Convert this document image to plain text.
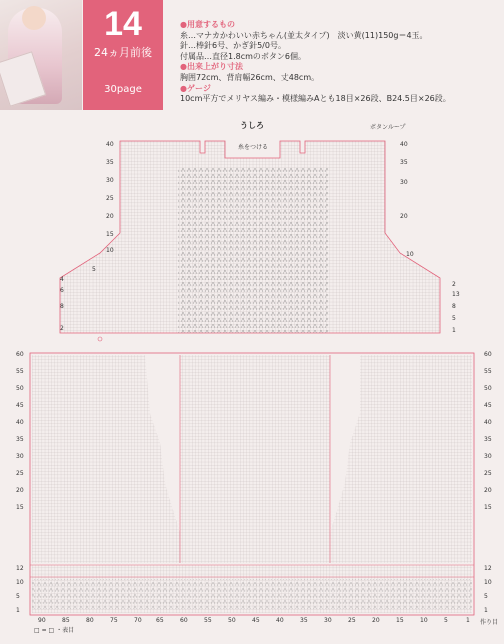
14
24ヵ月前後
30page
●用意するもの
糸…マナカかわいい赤ちゃん(並太タイプ)　淡い黄(11)150g＝4玉。
針…棒針6号、かぎ針5/0号。
付属品…直径1.8cmのボタン6個。
●出来上がり寸法
胸囲72cm、背肩幅26cm、丈48cm。
●ゲージ
10cm平方でメリヤス編み・模様編みAとも18目×26段、B24.5目×26段。
うしろ	ボタンループ
糸をつける
□ = □ ・表目
作り目
60
55
50
45
40
35
30
25
20
15
12
10
5
1
60
55
50
45
40
35
30
25
20
15
12
10
5
1
40
35
30
25
20
15
10
5
4
8
6
2
40
35
30
20
10
2
13
8
5
1
90	85	80	75	70 65	60	55	50	45	40	35	30	25	20	15	10	5	1
